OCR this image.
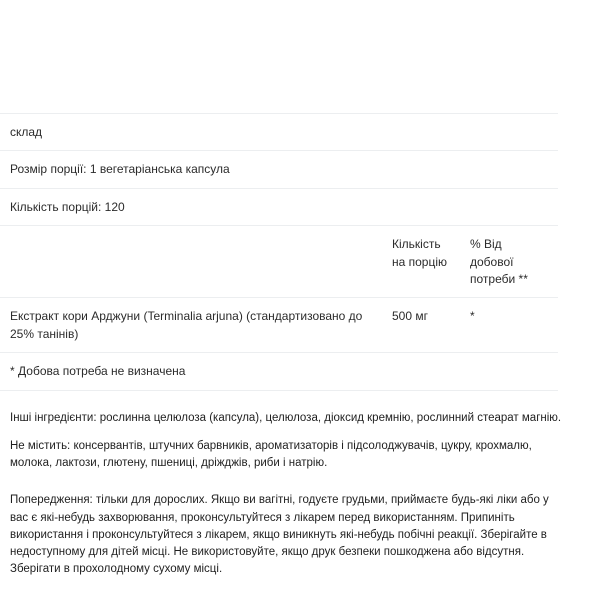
склад		
Розмір порції: 1 вегетаріанська капсула		
Кількість порцій: 120		
	Кількість на порцію	% Від добової потреби **
Екстракт кори Арджуни (Terminalia arjuna) (стандартизовано до 25% танінів)	500 мг	*
* Добова потреба не визначена		

Інші інгредієнти: рослинна целюлоза (капсула), целюлоза, діоксид кремнію, рослинний стеарат магнію.

Не містить: консервантів, штучних барвників, ароматизаторів і підсолоджувачів, цукру, крохмалю, молока, лактози, глютену, пшениці, дріжджів, риби і натрію.

Попередження: тільки для дорослих. Якщо ви вагітні, годуєте грудьми, приймаєте будь-які ліки або у вас є які-небудь захворювання, проконсультуйтеся з лікарем перед використанням. Припиніть використання і проконсультуйтеся з лікарем, якщо виникнуть які-небудь побічні реакції. Зберігайте в недоступному для дітей місці. Не використовуйте, якщо друк безпеки пошкоджена або відсутня. Зберігати в прохолодному сухому місці.
